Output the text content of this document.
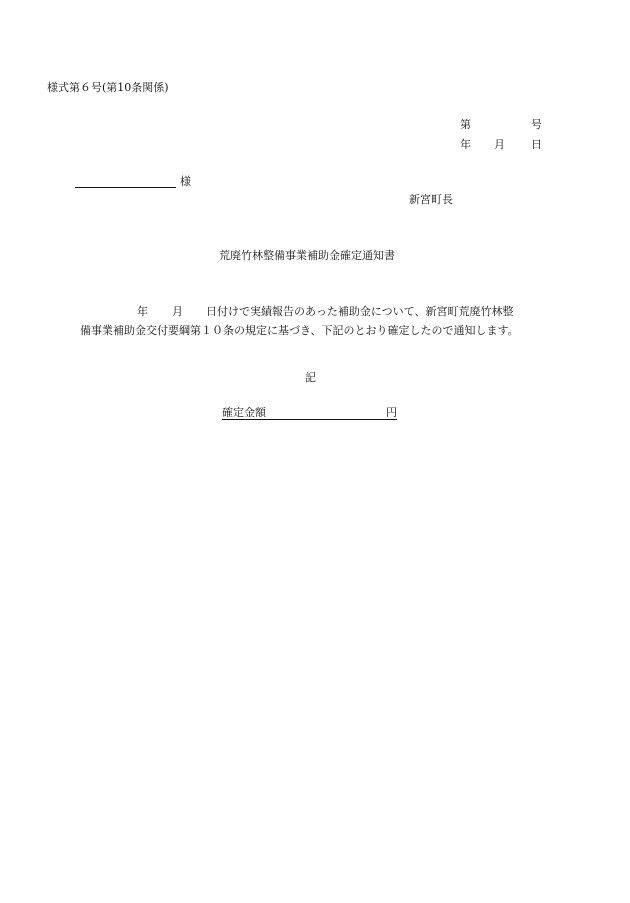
様式第６号(第10条関係)
第	号
年 月 日
様
新宮町長
荒廃竹林整備事業補助金確定通知書
年 月 日付けで実績報告のあった補助金について、新宮町荒廃竹林整
備事業補助金交付要綱第１０条の規定に基づき、下記のとおり確定したので通知します。
記
確定金額	円
